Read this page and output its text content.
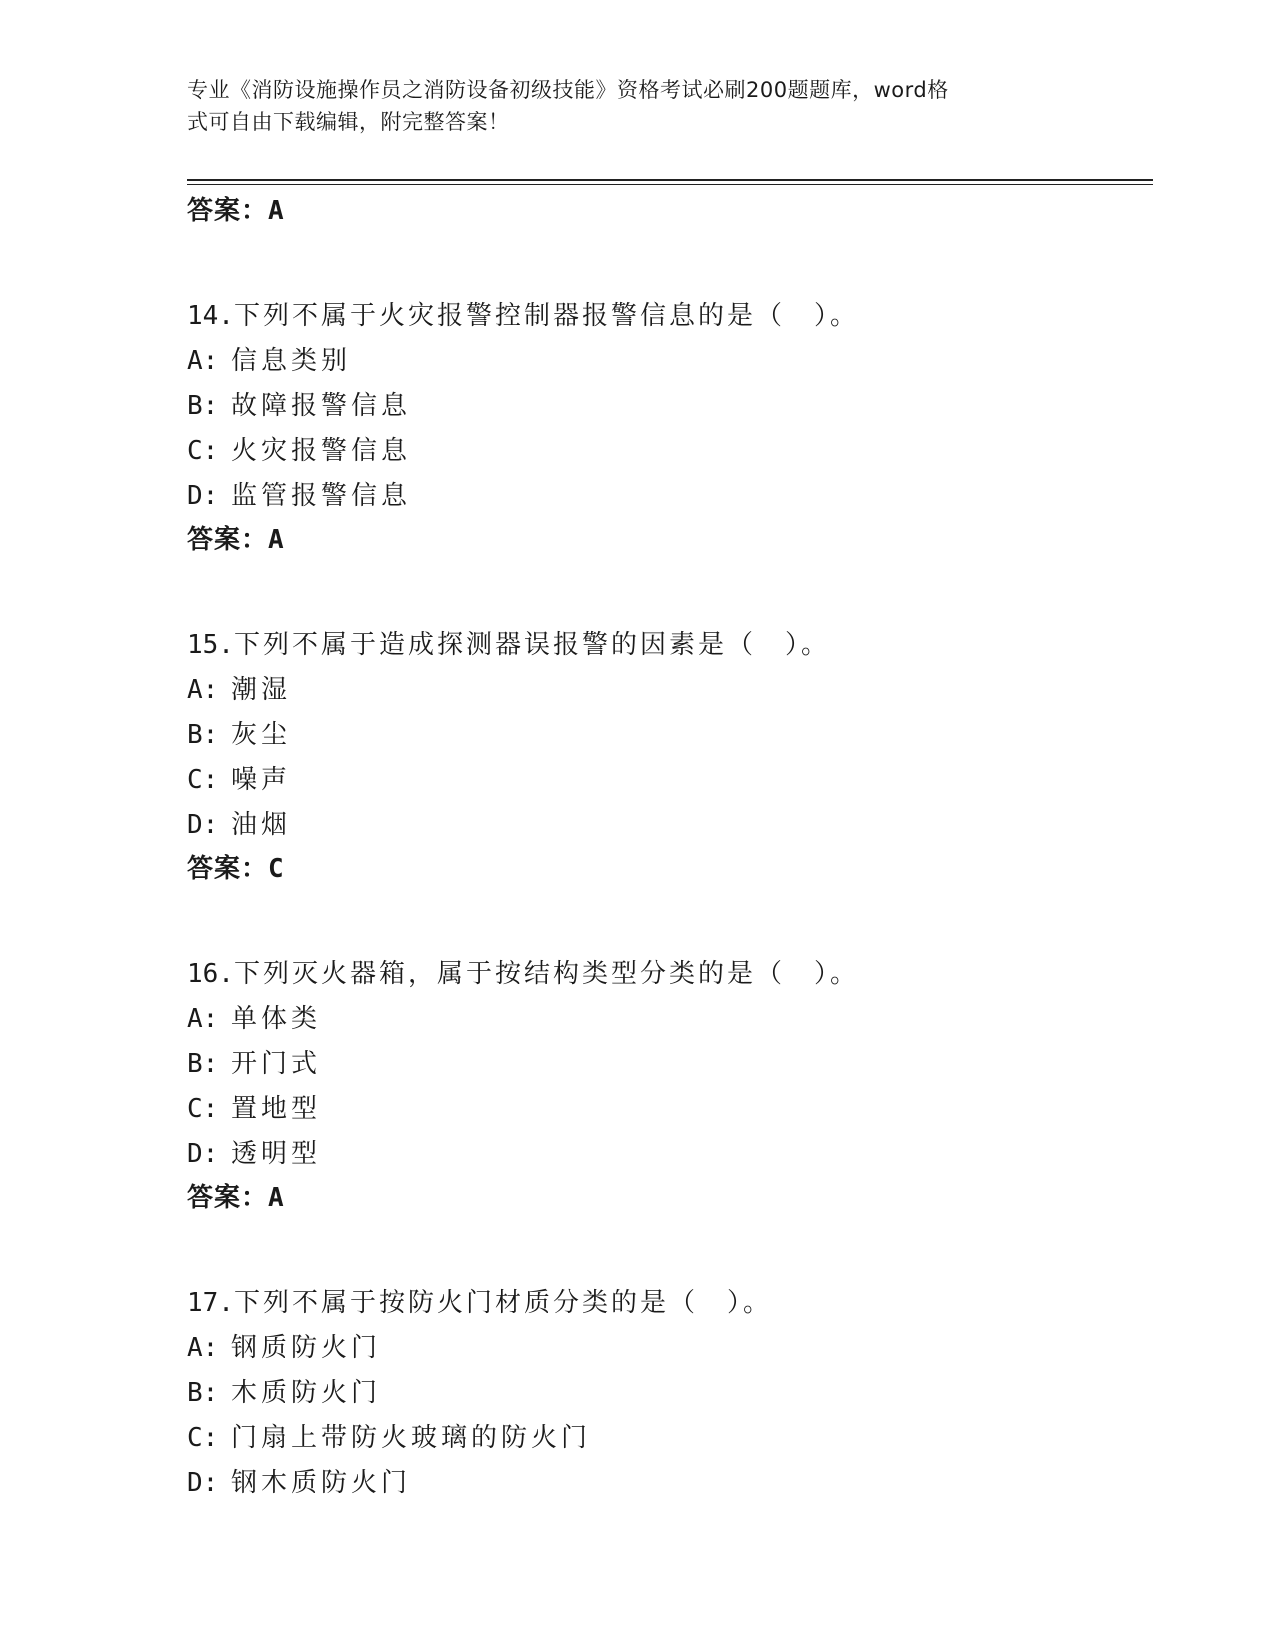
专业《消防设施操作员之消防设备初级技能》资格考试必刷200题题库，word格
式可自由下载编辑，附完整答案！
答案：A
14.下列不属于火灾报警控制器报警信息的是（　）。
A: 信息类别
B: 故障报警信息
C: 火灾报警信息
D: 监管报警信息
答案：A
15.下列不属于造成探测器误报警的因素是（　）。
A: 潮湿
B: 灰尘
C: 噪声
D: 油烟
答案：C
16.下列灭火器箱，属于按结构类型分类的是（　）。
A: 单体类
B: 开门式
C: 置地型
D: 透明型
答案：A
17.下列不属于按防火门材质分类的是（　）。
A: 钢质防火门
B: 木质防火门
C: 门扇上带防火玻璃的防火门
D: 钢木质防火门
